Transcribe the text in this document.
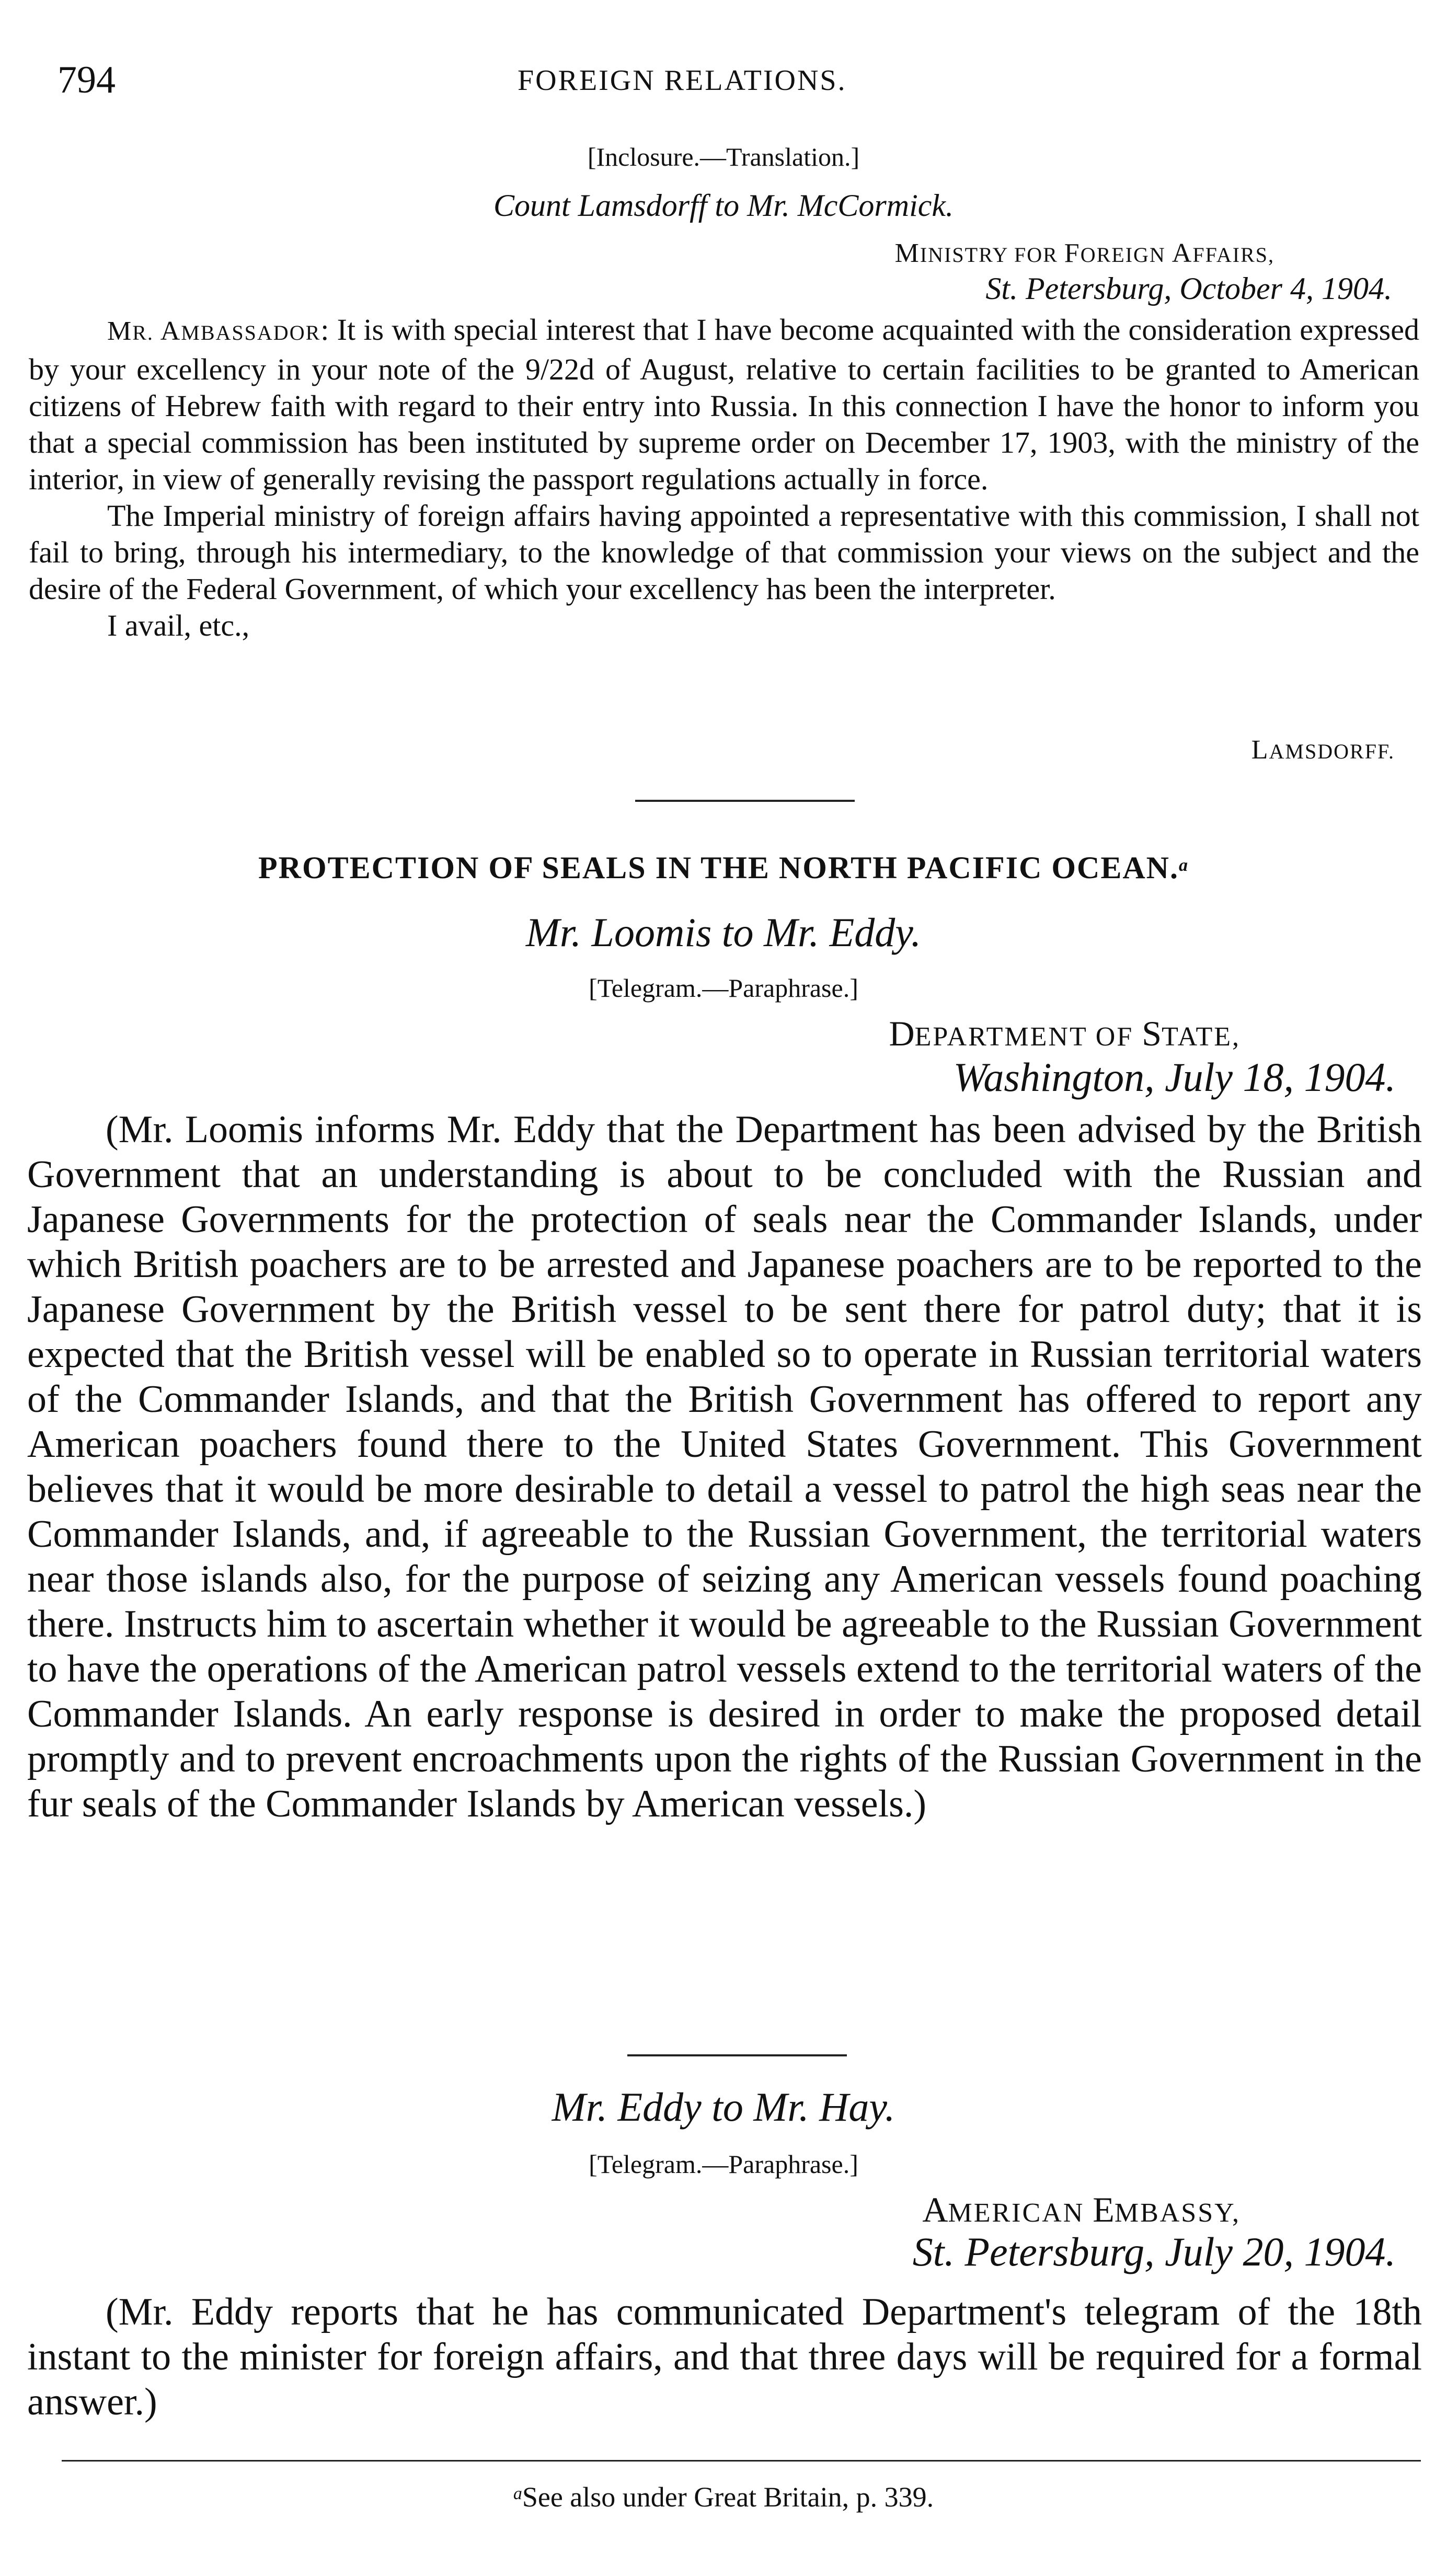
794	FOREIGN RELATIONS.
[Inclosure.—Translation.]
Count Lamsdorff to Mr. McCormick.
MINISTRY FOR FOREIGN AFFAIRS,
St. Petersburg, October 4, 1904.

MR. AMBASSADOR: It is with special interest that I have become acquainted with the consideration expressed by your excellency in your note of the 9/22d of August, relative to certain facilities to be granted to American citizens of Hebrew faith with regard to their entry into Russia. In this connection I have the honor to inform you that a special commission has been instituted by supreme order on December 17, 1903, with the ministry of the interior, in view of generally revising the passport regulations actually in force.

The Imperial ministry of foreign affairs having appointed a representative with this commission, I shall not fail to bring, through his intermediary, to the knowledge of that commission your views on the subject and the desire of the Federal Government, of which your excellency has been the interpreter.

I avail, etc.,

LAMSDORFF.
PROTECTION OF SEALS IN THE NORTH PACIFIC OCEAN.$^a$
Mr. Loomis to Mr. Eddy.
[Telegram.—Paraphrase.]
DEPARTMENT OF STATE,
Washington, July 18, 1904.

(Mr. Loomis informs Mr. Eddy that the Department has been advised by the British Government that an understanding is about to be concluded with the Russian and Japanese Governments for the protection of seals near the Commander Islands, under which British poachers are to be arrested and Japanese poachers are to be reported to the Japanese Government by the British vessel to be sent there for patrol duty; that it is expected that the British vessel will be enabled so to operate in Russian territorial waters of the Commander Islands, and that the British Government has offered to report any American poachers found there to the United States Government. This Government believes that it would be more desirable to detail a vessel to patrol the high seas near the Commander Islands, and, if agreeable to the Russian Government, the territorial waters near those islands also, for the purpose of seizing any American vessels found poaching there. Instructs him to ascertain whether it would be agreeable to the Russian Government to have the operations of the American patrol vessels extend to the territorial waters of the Commander Islands. An early response is desired in order to make the proposed detail promptly and to prevent encroachments upon the rights of the Russian Government in the fur seals of the Commander Islands by American vessels.)

Mr. Eddy to Mr. Hay.
[Telegram.—Paraphrase.]
AMERICAN EMBASSY,
St. Petersburg, July 20, 1904.

(Mr. Eddy reports that he has communicated Department's telegram of the 18th instant to the minister for foreign affairs, and that three days will be required for a formal answer.)

$^a$See also under Great Britain, p. 339.
